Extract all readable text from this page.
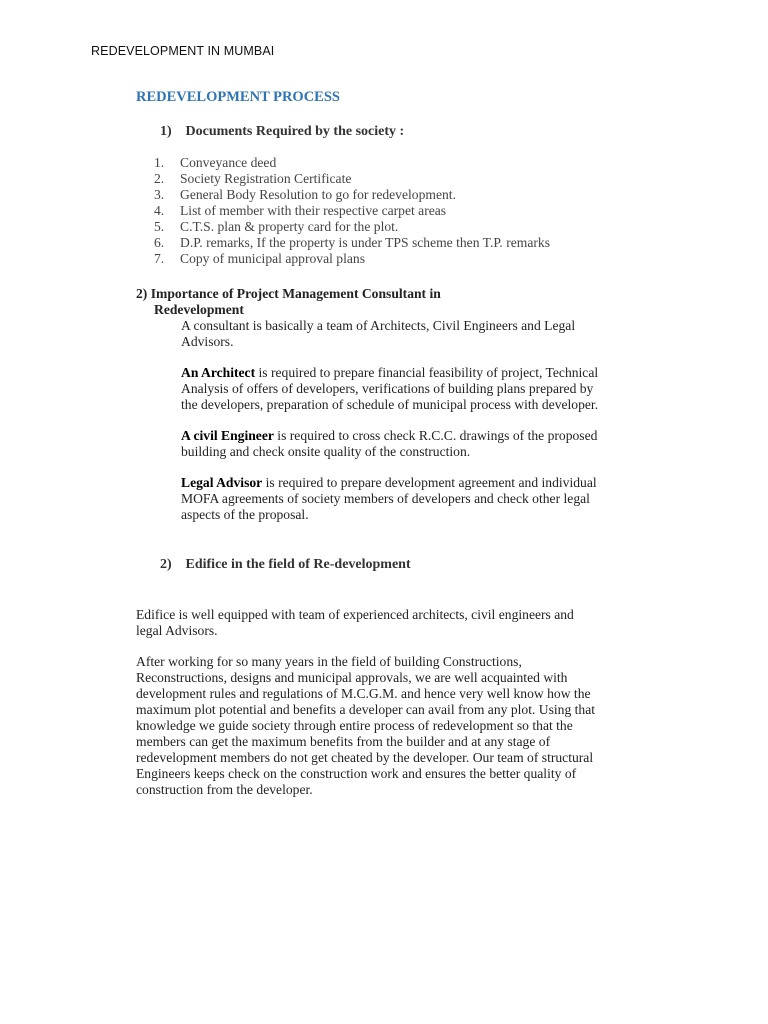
REDEVELOPMENT IN MUMBAI
REDEVELOPMENT PROCESS
1) Documents Required by the society :
1.	Conveyance deed
2.	Society Registration Certificate
3.	General Body Resolution to go for redevelopment.
4.	List of member with their respective carpet areas
5.	C.T.S. plan & property card for the plot.
6.	D.P. remarks, If the property is under TPS scheme then T.P. remarks
7.	Copy of municipal approval plans
2) Importance of Project Management Consultant in
Redevelopment

A consultant is basically a team of Architects, Civil Engineers and Legal Advisors.

An Architect is required to prepare financial feasibility of project, Technical Analysis of offers of developers, verifications of building plans prepared by the developers, preparation of schedule of municipal process with developer.

A civil Engineer is required to cross check R.C.C. drawings of the proposed building and check onsite quality of the construction.

Legal Advisor is required to prepare development agreement and individual MOFA agreements of society members of developers and check other legal aspects of the proposal.

2) Edifice in the field of Re-development

Edifice is well equipped with team of experienced architects, civil engineers and legal Advisors.

After working for so many years in the field of building Constructions, Reconstructions, designs and municipal approvals, we are well acquainted with development rules and regulations of M.C.G.M. and hence very well know how the maximum plot potential and benefits a developer can avail from any plot. Using that knowledge we guide society through entire process of redevelopment so that the members can get the maximum benefits from the builder and at any stage of redevelopment members do not get cheated by the developer. Our team of structural Engineers keeps check on the construction work and ensures the better quality of construction from the developer.
